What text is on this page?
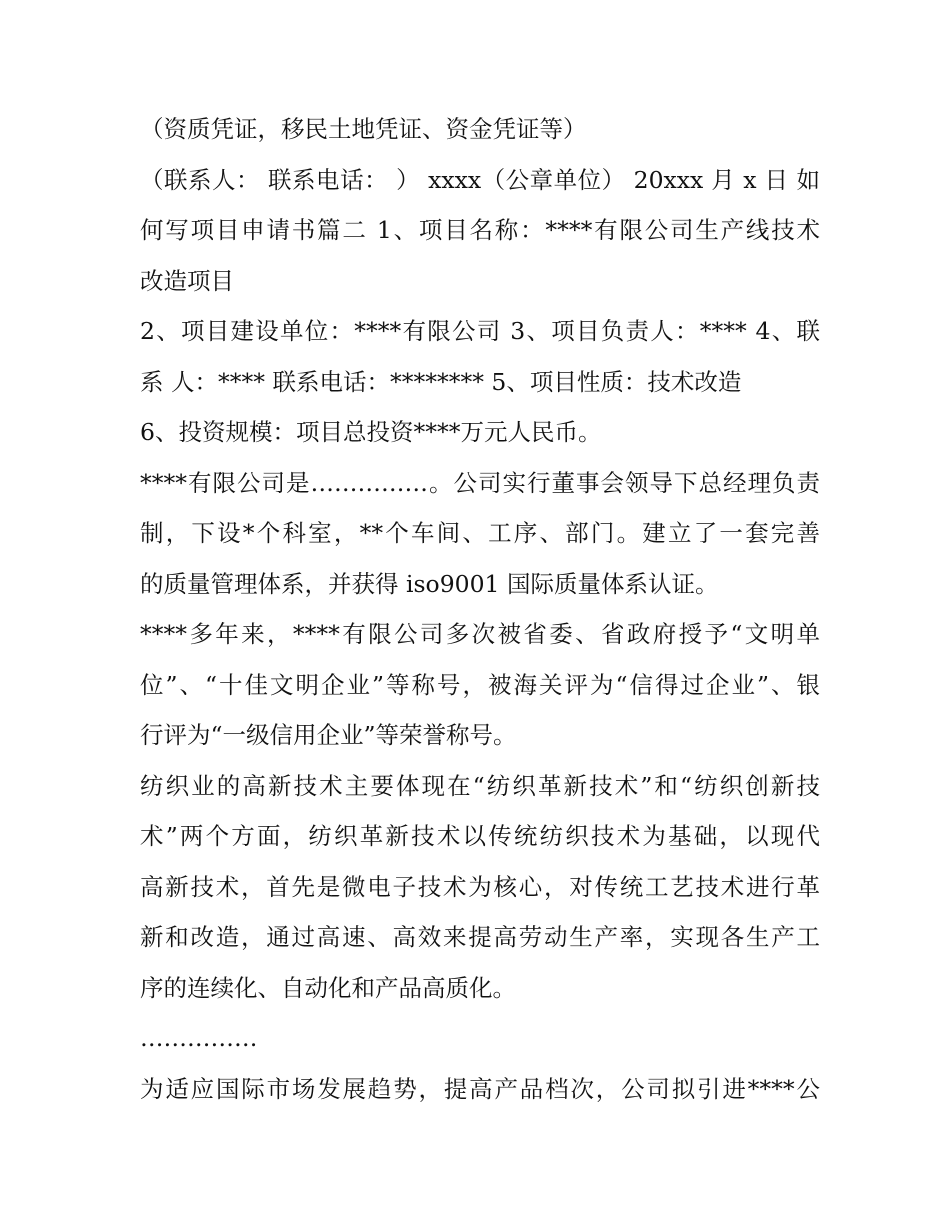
（资质凭证，移民土地凭证、资金凭证等）
（联系人： 联系电话： ） xxxx（公章单位） 20xxx 月 x 日 如
何写项目申请书篇二 1、项目名称：****有限公司生产线技术
改造项目
2、项目建设单位：****有限公司 3、项目负责人：**** 4、联
系 人：**** 联系电话：******** 5、项目性质：技术改造
6、投资规模：项目总投资****万元人民币。
****有限公司是……………。公司实行董事会领导下总经理负责
制，下设*个科室，**个车间、工序、部门。建立了一套完善
的质量管理体系，并获得 iso9001 国际质量体系认证。
****多年来，****有限公司多次被省委、省政府授予“文明单
位”、“十佳文明企业”等称号，被海关评为“信得过企业”、银
行评为“一级信用企业”等荣誉称号。
纺织业的高新技术主要体现在“纺织革新技术”和“纺织创新技
术”两个方面，纺织革新技术以传统纺织技术为基础，以现代
高新技术，首先是微电子技术为核心，对传统工艺技术进行革
新和改造，通过高速、高效来提高劳动生产率，实现各生产工
序的连续化、自动化和产品高质化。
……………
为适应国际市场发展趋势，提高产品档次，公司拟引进****公
